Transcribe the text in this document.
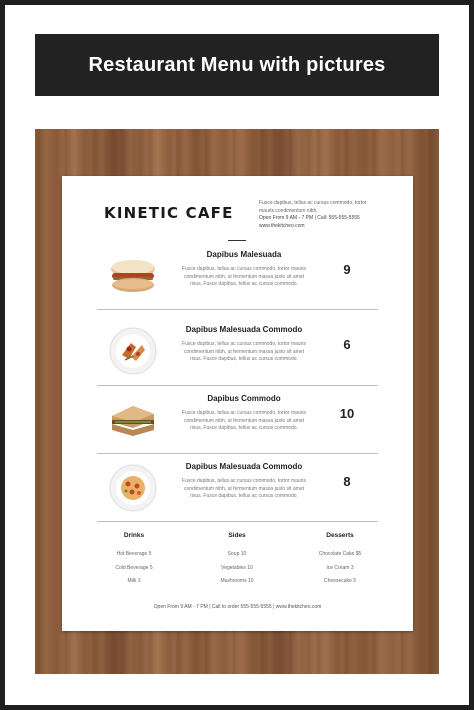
Restaurant Menu with pictures
KINETIC CAFE
Fusce dapibus, tellus ac cursus commodo, tortor
mauris condimentum nibh,
Open From 9 AM - 7 PM | Call: 555-555-5555
www.thekitcheo.com
Dapibus Malesuada
Fusce dapibus, tellus ac cursus commodo, tortor mauris
condimentum nibh, ut fermentum massa justo sit amet
risus. Fusce dapibus, tellus ac cursus commodo.
9
Dapibus Malesuada Commodo
Fusce dapibus, tellus ac cursus commodo, tortor mauris
condimentum nibh, ut fermentum massa justo sit amet
risus. Fusce dapibus, tellus ac cursus commodo.
6
Dapibus Commodo
Fusce dapibus, tellus ac cursus commodo, tortor mauris
condimentum nibh, ut fermentum massa justo sit amet
risus. Fusce dapibus, tellus ac cursus commodo.
10
Dapibus Malesuada Commodo
Fusce dapibus, tellus ac cursus commodo, tortor mauris
condimentum nibh, ut fermentum massa justo sit amet
risus. Fusce dapibus, tellus ac cursus commodo.
8
Drinks
Hot Beverage 5
Cold Beverage 5
Milk 3
Sides
Soup 10
Vegetables 10
Mushrooms 10
Desserts
Chocolate Cake $5
Ice Cream 3
Cheesecake 5
Open From 9 AM - 7 PM | Call to order 555-555-5555 | www.thekitcheo.com
